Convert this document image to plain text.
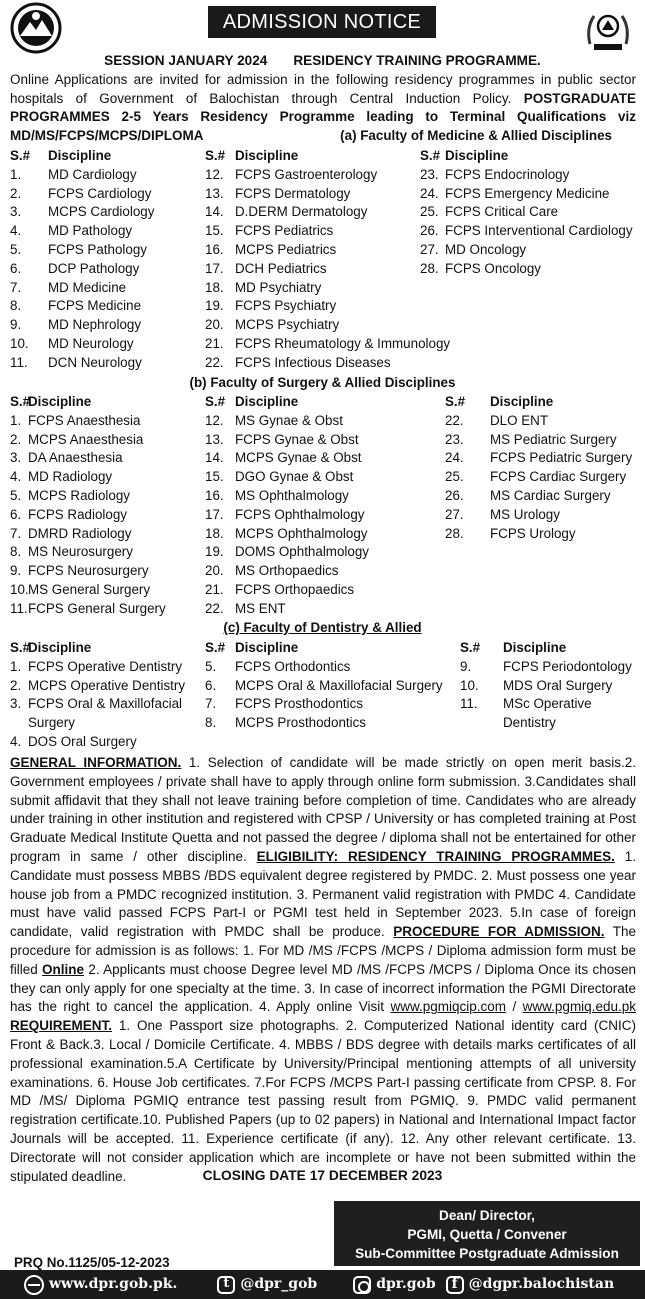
ADMISSION NOTICE
SESSION JANUARY 2024 RESIDENCY TRAINING PROGRAMME.
Online Applications are invited for admission in the following residency programmes in public sector hospitals of Government of Balochistan through Central Induction Policy. POSTGRADUATE PROGRAMMES 2-5 Years Residency Programme leading to Terminal Qualifications viz MD/MS/FCPS/MCPS/DIPLOMA	(a) Faculty of Medicine & Allied Disciplines
S.#	Discipline
1.	MD Cardiology
2.	FCPS Cardiology
3.	MCPS Cardiology
4.	MD Pathology
5.	FCPS Pathology
6.	DCP Pathology
7.	MD Medicine
8.	FCPS Medicine
9.	MD Nephrology
10.	MD Neurology
11.	DCN Neurology
S.# Discipline
12. FCPS Gastroenterology
13. FCPS Dermatology
14. D.DERM Dermatology
15. FCPS Pediatrics
16. MCPS Pediatrics
17. DCH Pediatrics
18. MD Psychiatry
19. FCPS Psychiatry
20. MCPS Psychiatry
21. FCPS Rheumatology & Immunology
22. FCPS Infectious Diseases
S.# Discipline
23. FCPS Endocrinology
24. FCPS Emergency Medicine
25. FCPS Critical Care
26. FCPS Interventional Cardiology
27. MD Oncology
28. FCPS Oncology
(b) Faculty of Surgery & Allied Disciplines
S.#
Discipline
1. FCPS Anaesthesia
2. MCPS Anaesthesia
3. DA Anaesthesia
4. MD Radiology
5. MCPS Radiology
6. FCPS Radiology
7. DMRD Radiology
8. MS Neurosurgery
9. FCPS Neurosurgery
10. MS General Surgery
11. FCPS General Surgery
S.# Discipline
12. MS Gynae & Obst
13. FCPS Gynae & Obst
14. MCPS Gynae & Obst
15. DGO Gynae & Obst
16. MS Ophthalmology
17. FCPS Ophthalmology
18. MCPS Ophthalmology
19. DOMS Ophthalmology
20. MS Orthopaedics
21. FCPS Orthopaedics
22. MS ENT
S.#	Discipline
22.	DLO ENT
23.	MS Pediatric Surgery
24.	FCPS Pediatric Surgery
25.	FCPS Cardiac Surgery
26.	MS Cardiac Surgery
27.	MS Urology
28.	FCPS Urology
(c) Faculty of Dentistry & Allied
S.#
Discipline
1. FCPS Operative Dentistry
2. MCPS Operative Dentistry
3. FCPS Oral & Maxillofacial
Surgery
4. DOS Oral Surgery
S.# Discipline
5.	FCPS Orthodontics
6.	MCPS Oral & Maxillofacial Surgery
7.	FCPS Prosthodontics
8.	MCPS Prosthodontics
S.#	Discipline
9.	FCPS Periodontology
10.	MDS Oral Surgery
11.	MSc Operative
Dentistry
GENERAL INFORMATION. 1. Selection of candidate will be made strictly on open merit basis.2. Government employees / private shall have to apply through online form submission. 3.Candidates shall submit affidavit that they shall not leave training before completion of time. Candidates who are already under training in other institution and registered with CPSP / University or has completed training at Post Graduate Medical Institute Quetta and not passed the degree / diploma shall not be entertained for other program in same / other discipline. ELIGIBILITY: RESIDENCY TRAINING PROGRAMMES. 1. Candidate must possess MBBS /BDS equivalent degree registered by PMDC. 2. Must possess one year house job from a PMDC recognized institution. 3. Permanent valid registration with PMDC 4. Candidate must have valid passed FCPS Part-I or PGMI test held in September 2023. 5.In case of foreign candidate, valid registration with PMDC shall be produce. PROCEDURE FOR ADMISSION. The procedure for admission is as follows: 1. For MD /MS /FCPS /MCPS / Diploma admission form must be filled Online 2. Applicants must choose Degree level MD /MS /FCPS /MCPS / Diploma Once its chosen they can only apply for one specialty at the time. 3. In case of incorrect information the PGMI Directorate has the right to cancel the application. 4. Apply online Visit www.pgmiqcip.com / www.pgmiq.edu.pk REQUIREMENT. 1. One Passport size photographs. 2. Computerized National identity card (CNIC) Front & Back.3. Local / Domicile Certificate. 4. MBBS / BDS degree with details marks certificates of all professional examination.5.A Certificate by University/Principal mentioning attempts of all university examinations. 6. House Job certificates. 7.For FCPS /MCPS Part-I passing certificate from CPSP. 8. For MD /MS/ Diploma PGMIQ entrance test passing result from PGMIQ. 9. PMDC valid permanent registration certificate.10. Published Papers (up to 02 papers) in National and International Impact factor Journals will be accepted. 11. Experience certificate (if any). 12. Any other relevant certificate. 13. Directorate will not consider application which are incomplete or have not been submitted within the stipulated deadline.	CLOSING DATE 17 DECEMBER 2023
Dean/ Director,
PGMI, Quetta / Convener
Sub-Committee Postgraduate Admission
PRQ No.1125/05-12-2023
www.dpr.gob.pk. t	@dpr_gob	dpr.gob f @dgpr.balochistan
